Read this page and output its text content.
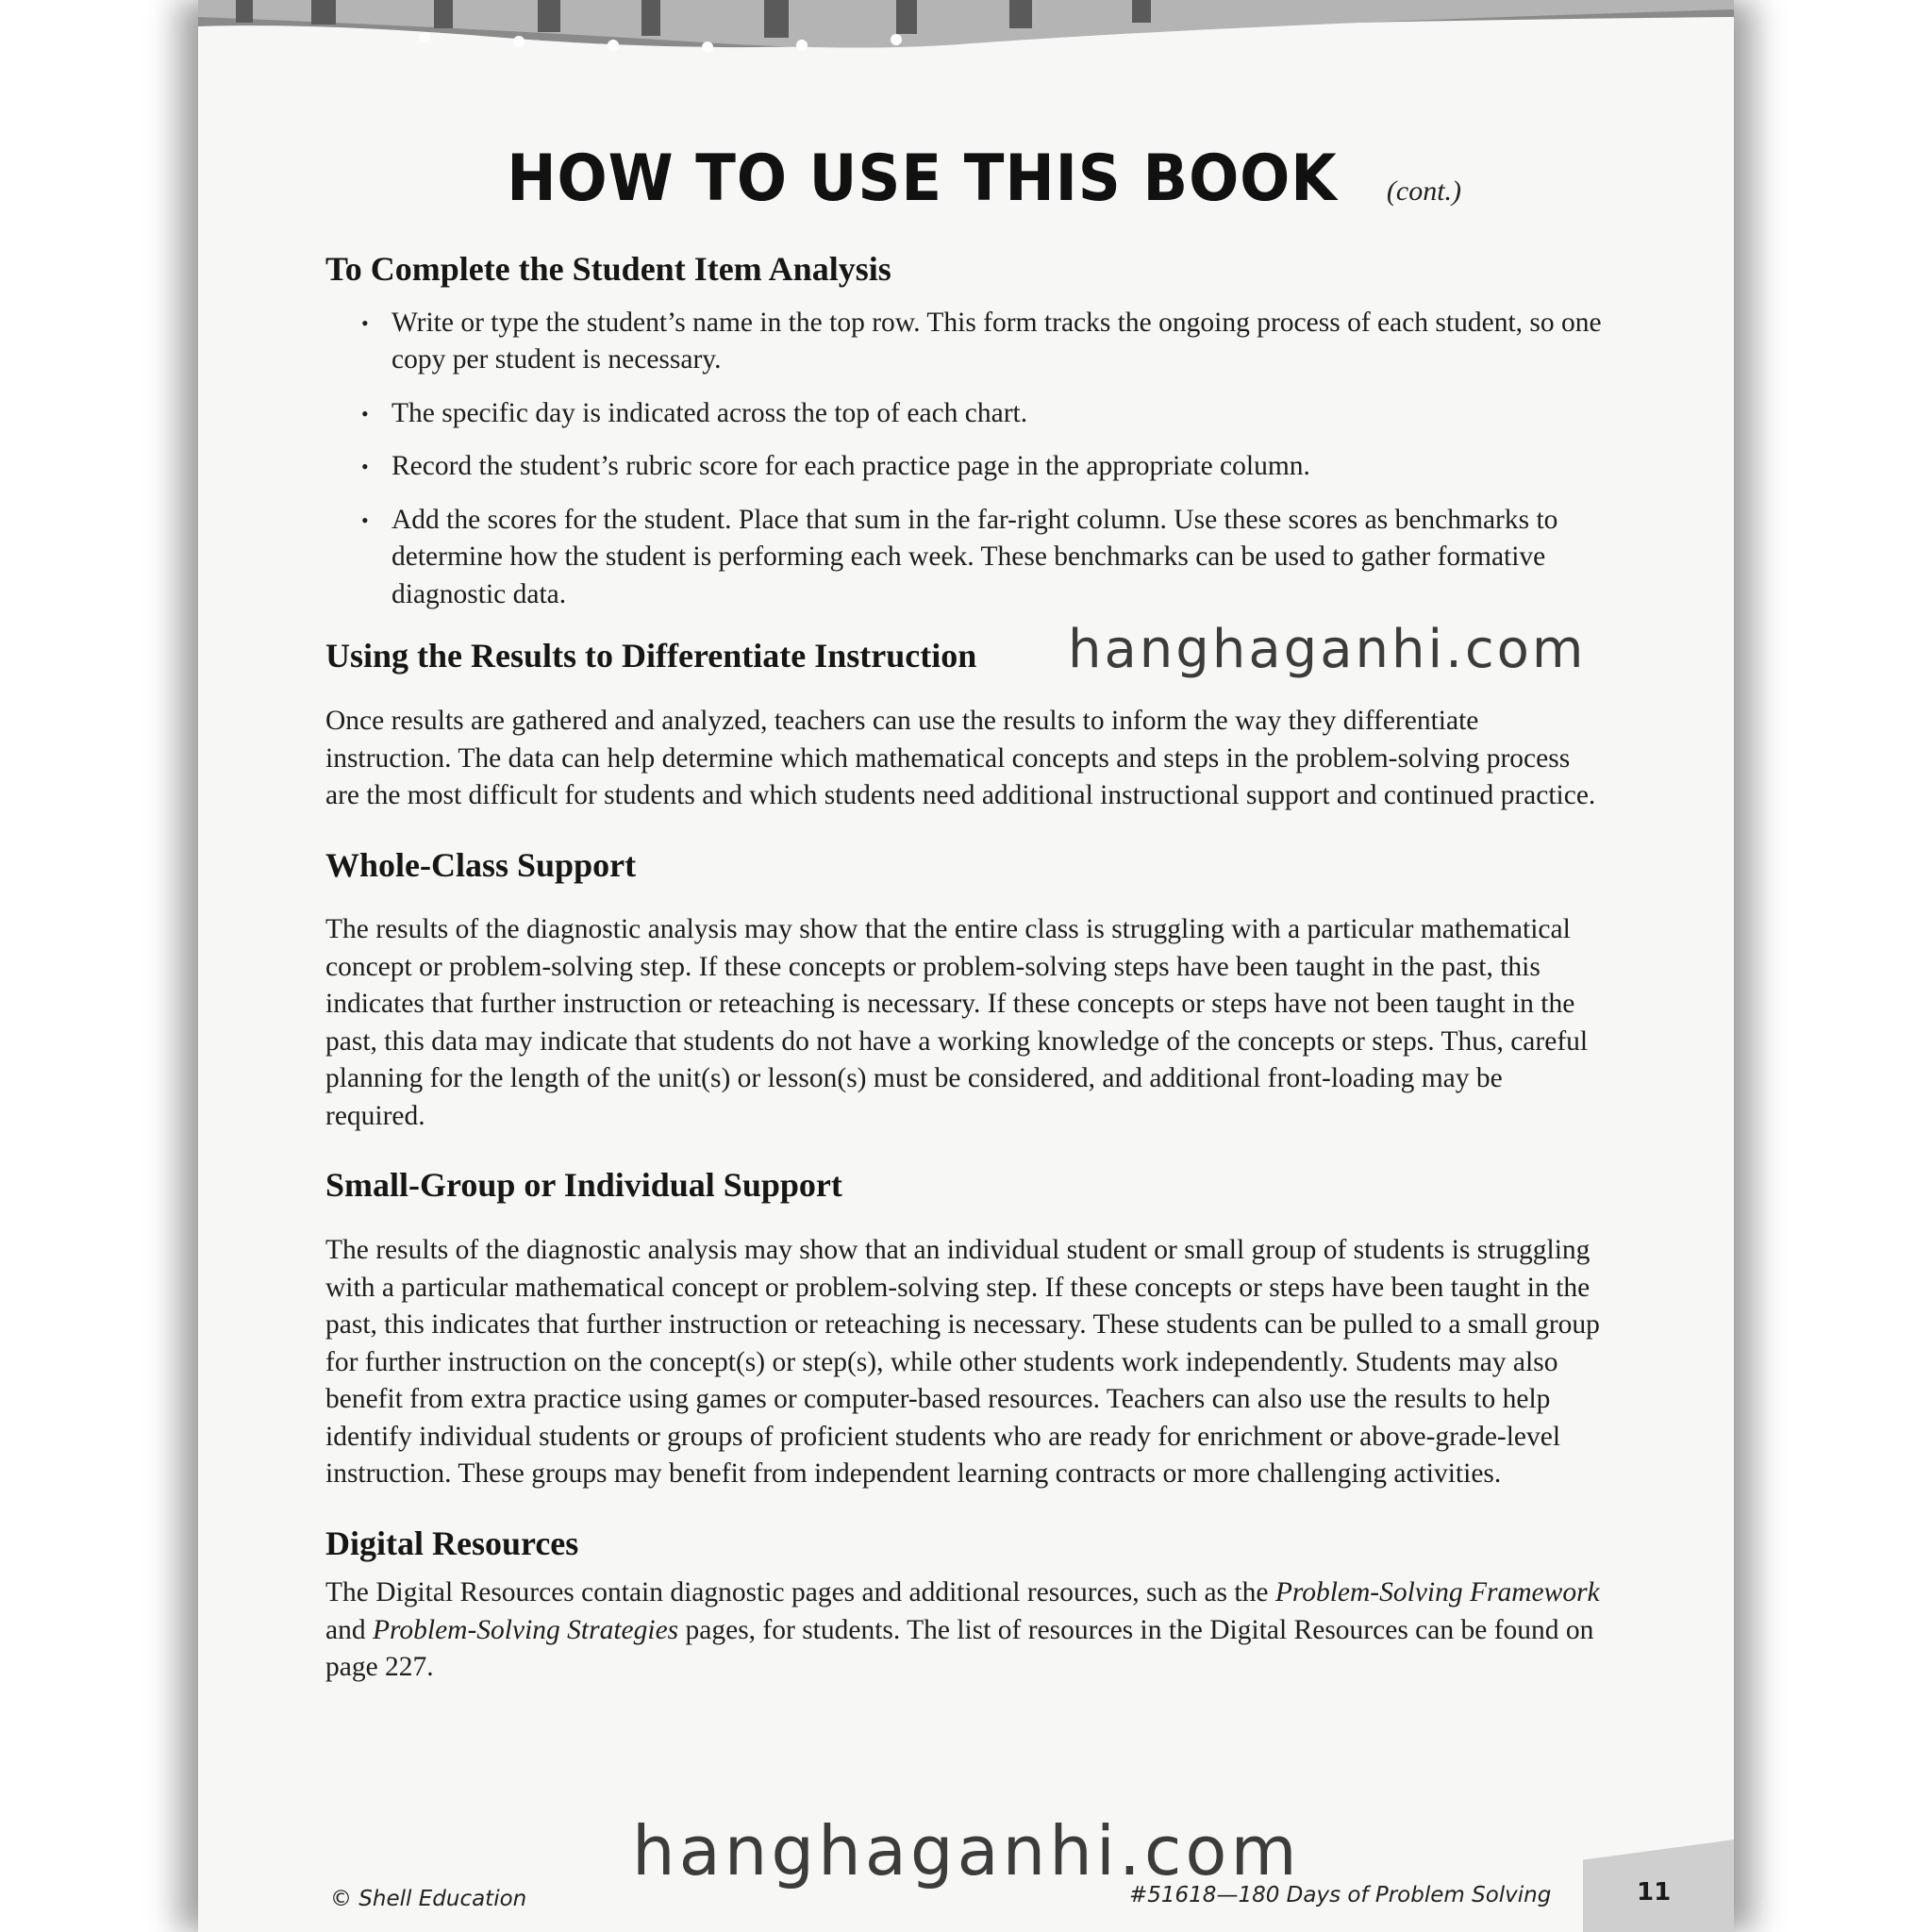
HOW TO USE THIS BOOK (cont.)
To Complete the Student Item Analysis
• Write or type the student’s name in the top row. This form tracks the ongoing process of each student, so one copy per student is necessary.
• The specific day is indicated across the top of each chart.
• Record the student’s rubric score for each practice page in the appropriate column.
• Add the scores for the student. Place that sum in the far-right column. Use these scores as benchmarks to determine how the student is performing each week. These benchmarks can be used to gather formative diagnostic data.
Using the Results to Differentiate Instruction

Once results are gathered and analyzed, teachers can use the results to inform the way they differentiate instruction. The data can help determine which mathematical concepts and steps in the problem-solving process are the most difficult for students and which students need additional instructional support and continued practice.

Whole-Class Support

The results of the diagnostic analysis may show that the entire class is struggling with a particular mathematical concept or problem-solving step. If these concepts or problem-solving steps have been taught in the past, this indicates that further instruction or reteaching is necessary. If these concepts or steps have not been taught in the past, this data may indicate that students do not have a working knowledge of the concepts or steps. Thus, careful planning for the length of the unit(s) or lesson(s) must be considered, and additional front-loading may be required.

Small-Group or Individual Support

The results of the diagnostic analysis may show that an individual student or small group of students is struggling with a particular mathematical concept or problem-solving step. If these concepts or steps have been taught in the past, this indicates that further instruction or reteaching is necessary. These students can be pulled to a small group for further instruction on the concept(s) or step(s), while other students work independently. Students may also benefit from extra practice using games or computer-based resources. Teachers can also use the results to help identify individual students or groups of proficient students who are ready for enrichment or above-grade-level instruction. These groups may benefit from independent learning contracts or more challenging activities.

Digital Resources

The Digital Resources contain diagnostic pages and additional resources, such as the Problem-Solving Framework and Problem-Solving Strategies pages, for students. The list of resources in the Digital Resources can be found on page 227.

hanghaganhi.com
hanghaganhi.com
© Shell Education	#51618—180 Days of Problem Solving	11
